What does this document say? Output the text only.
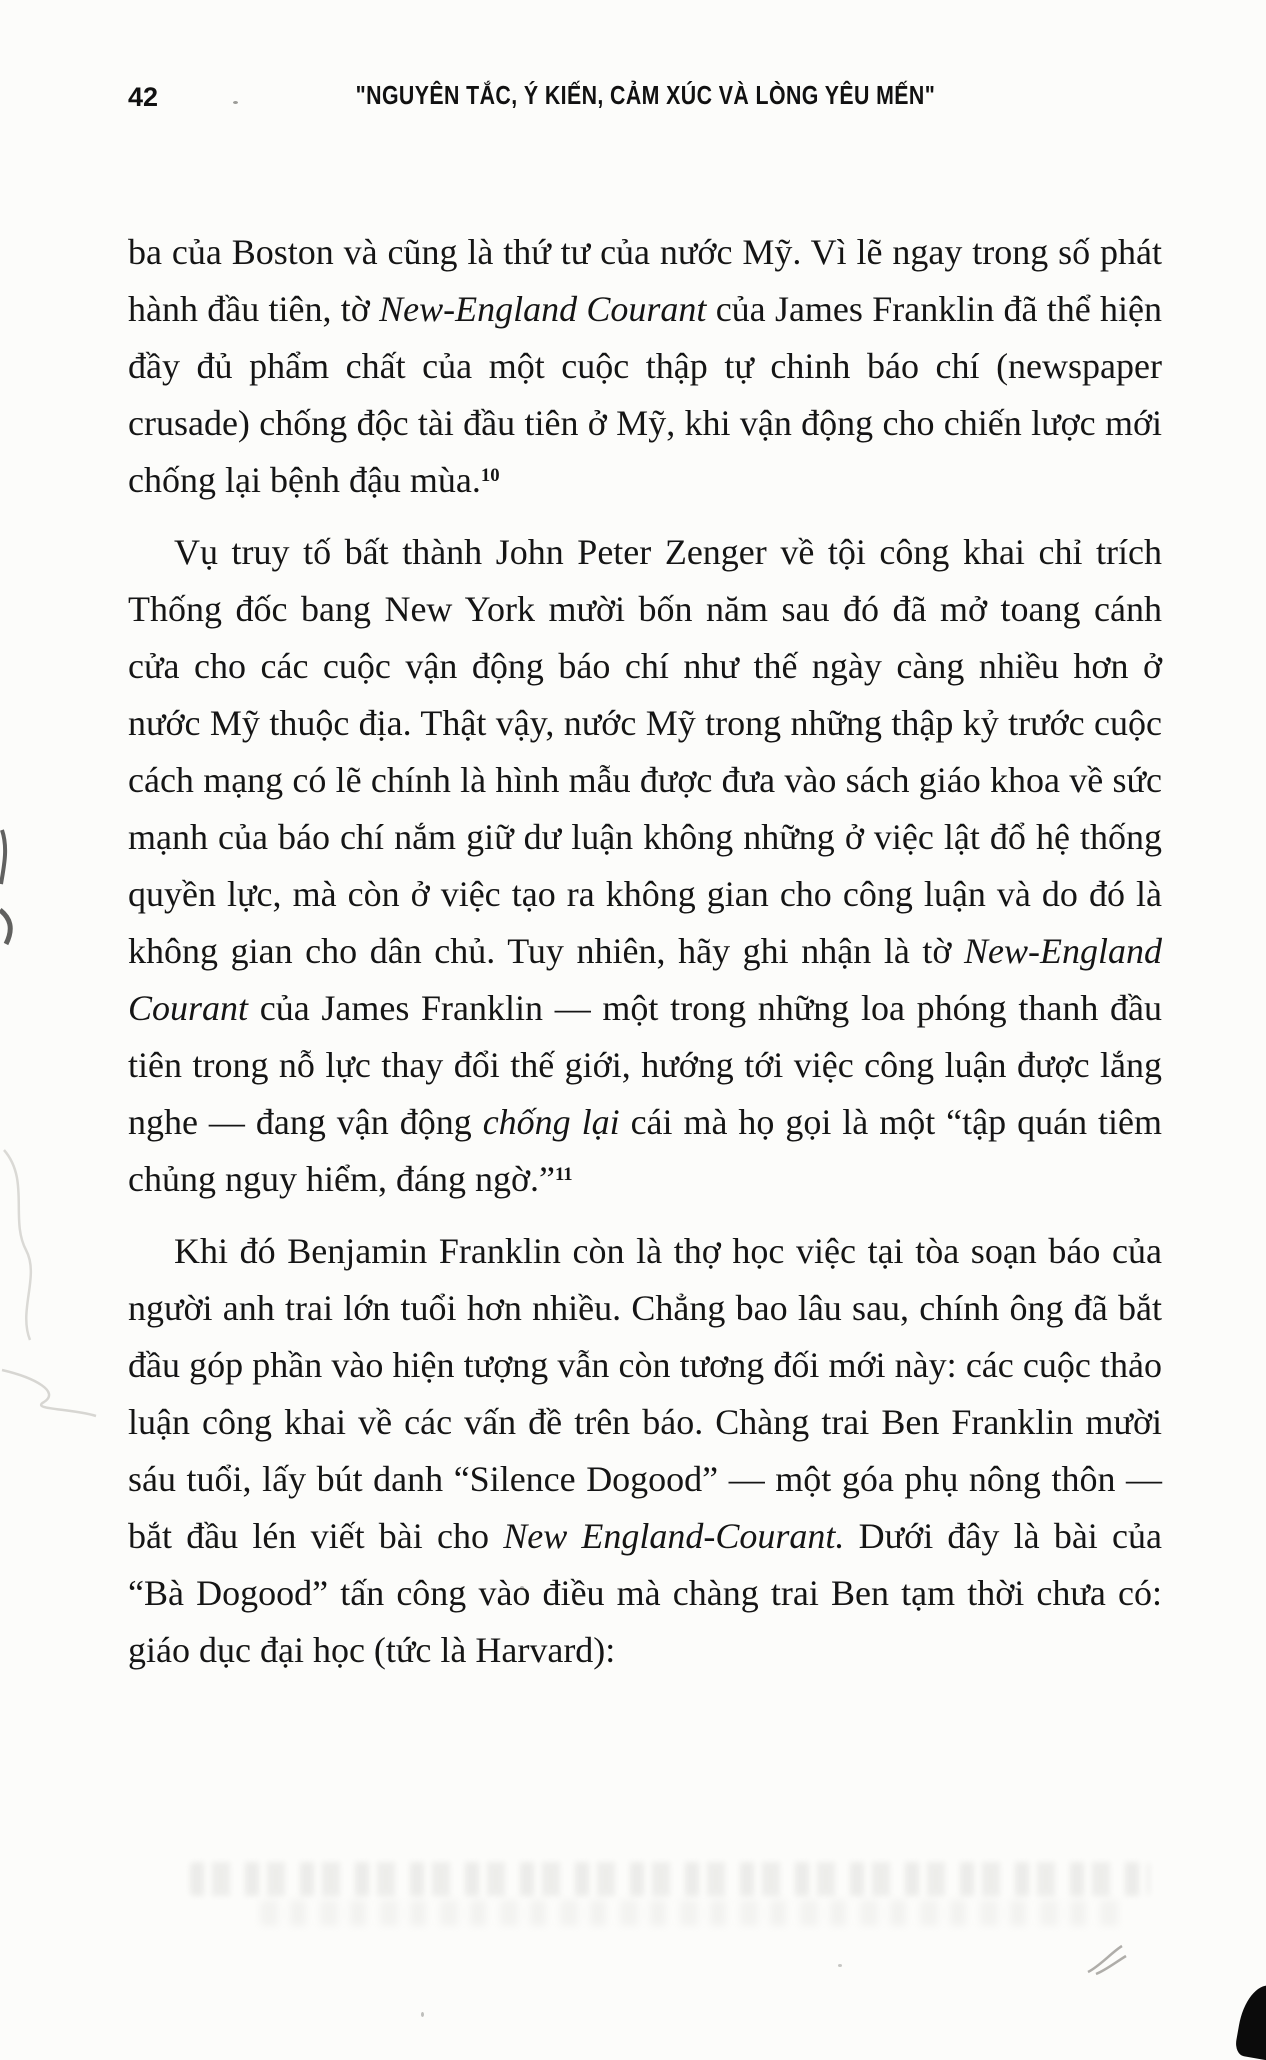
42	"NGUYÊN TẮC, Ý KIẾN, CẢM XÚC VÀ LÒNG YÊU MẾN"

ba của Boston và cũng là thứ tư của nước Mỹ. Vì lẽ ngay trong số phát hành đầu tiên, tờ New-England Courant của James Franklin đã thể hiện đầy đủ phẩm chất của một cuộc thập tự chinh báo chí (newspaper crusade) chống độc tài đầu tiên ở Mỹ, khi vận động cho chiến lược mới chống lại bệnh đậu mùa.$^{10}$

Vụ truy tố bất thành John Peter Zenger về tội công khai chỉ trích Thống đốc bang New York mười bốn năm sau đó đã mở toang cánh cửa cho các cuộc vận động báo chí như thế ngày càng nhiều hơn ở nước Mỹ thuộc địa. Thật vậy, nước Mỹ trong những thập kỷ trước cuộc cách mạng có lẽ chính là hình mẫu được đưa vào sách giáo khoa về sức mạnh của báo chí nắm giữ dư luận không những ở việc lật đổ hệ thống quyền lực, mà còn ở việc tạo ra không gian cho công luận và do đó là không gian cho dân chủ. Tuy nhiên, hãy ghi nhận là tờ New-England Courant của James Franklin — một trong những loa phóng thanh đầu tiên trong nỗ lực thay đổi thế giới, hướng tới việc công luận được lắng nghe — đang vận động chống lại cái mà họ gọi là một “tập quán tiêm chủng nguy hiểm, đáng ngờ.”$^{11}$

Khi đó Benjamin Franklin còn là thợ học việc tại tòa soạn báo của người anh trai lớn tuổi hơn nhiều. Chẳng bao lâu sau, chính ông đã bắt đầu góp phần vào hiện tượng vẫn còn tương đối mới này: các cuộc thảo luận công khai về các vấn đề trên báo. Chàng trai Ben Franklin mười sáu tuổi, lấy bút danh “Silence Dogood” — một góa phụ nông thôn — bắt đầu lén viết bài cho New England-Courant. Dưới đây là bài của “Bà Dogood” tấn công vào điều mà chàng trai Ben tạm thời chưa có: giáo dục đại học (tức là Harvard):
